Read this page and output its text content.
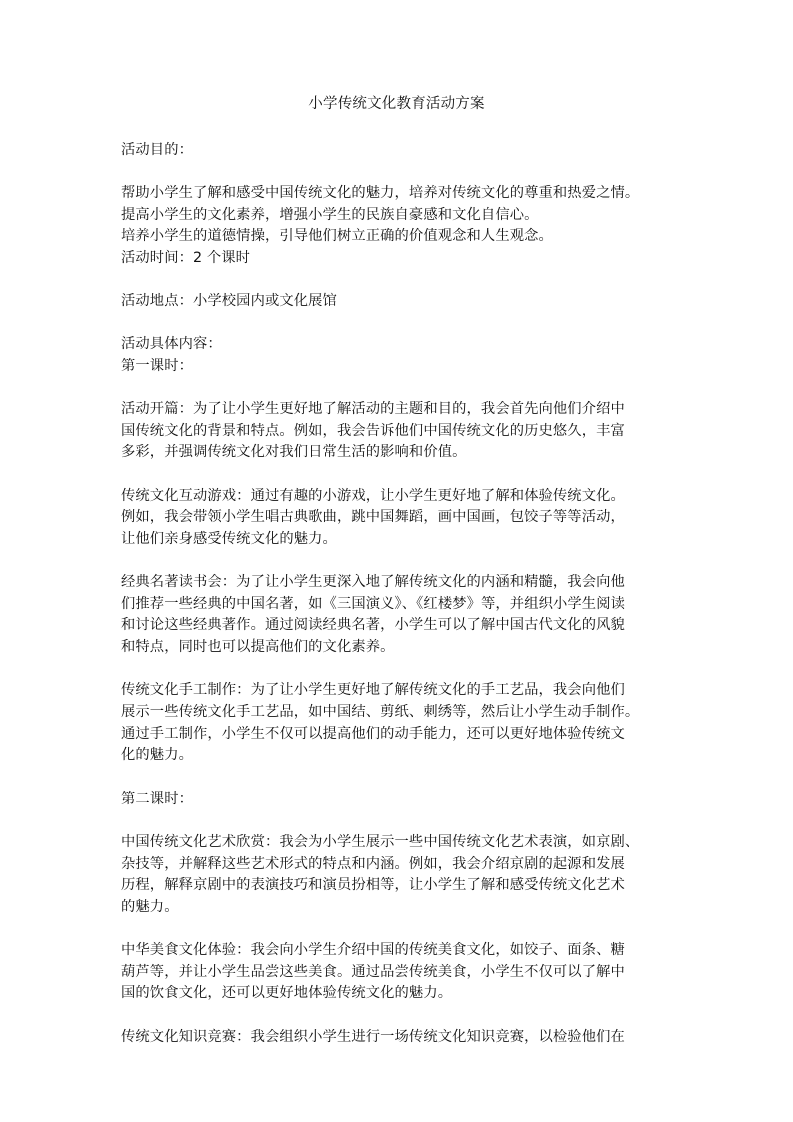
小学传统文化教育活动方案
活动目的：
帮助小学生了解和感受中国传统文化的魅力，培养对传统文化的尊重和热爱之情。
提高小学生的文化素养，增强小学生的民族自豪感和文化自信心。
培养小学生的道德情操，引导他们树立正确的价值观念和人生观念。
活动时间：2 个课时
活动地点：小学校园内或文化展馆
活动具体内容：
第一课时：
活动开篇：为了让小学生更好地了解活动的主题和目的，我会首先向他们介绍中
国传统文化的背景和特点。例如，我会告诉他们中国传统文化的历史悠久，丰富
多彩，并强调传统文化对我们日常生活的影响和价值。
传统文化互动游戏：通过有趣的小游戏，让小学生更好地了解和体验传统文化。
例如，我会带领小学生唱古典歌曲，跳中国舞蹈，画中国画，包饺子等等活动，
让他们亲身感受传统文化的魅力。
经典名著读书会：为了让小学生更深入地了解传统文化的内涵和精髓，我会向他
们推荐一些经典的中国名著，如《三国演义》、《红楼梦》等，并组织小学生阅读
和讨论这些经典著作。通过阅读经典名著，小学生可以了解中国古代文化的风貌
和特点，同时也可以提高他们的文化素养。
传统文化手工制作：为了让小学生更好地了解传统文化的手工艺品，我会向他们
展示一些传统文化手工艺品，如中国结、剪纸、刺绣等，然后让小学生动手制作。
通过手工制作，小学生不仅可以提高他们的动手能力，还可以更好地体验传统文
化的魅力。
第二课时：
中国传统文化艺术欣赏：我会为小学生展示一些中国传统文化艺术表演，如京剧、
杂技等，并解释这些艺术形式的特点和内涵。例如，我会介绍京剧的起源和发展
历程，解释京剧中的表演技巧和演员扮相等，让小学生了解和感受传统文化艺术
的魅力。
中华美食文化体验：我会向小学生介绍中国的传统美食文化，如饺子、面条、糖
葫芦等，并让小学生品尝这些美食。通过品尝传统美食，小学生不仅可以了解中
国的饮食文化，还可以更好地体验传统文化的魅力。
传统文化知识竞赛：我会组织小学生进行一场传统文化知识竞赛，以检验他们在
